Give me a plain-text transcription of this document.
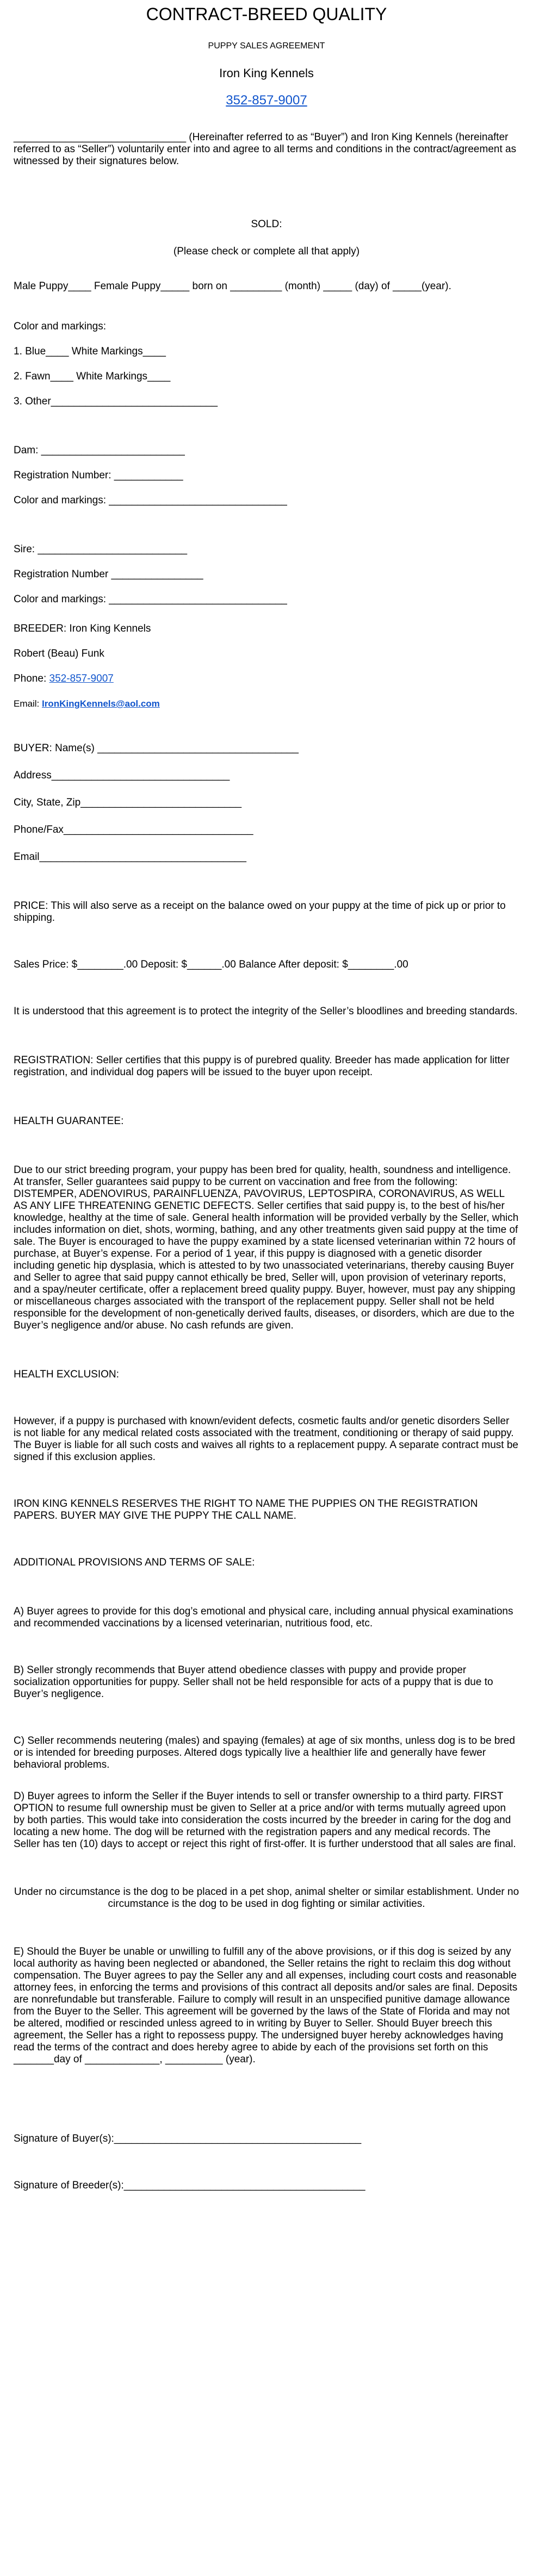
CONTRACT-BREED QUALITY

PUPPY SALES AGREEMENT

Iron King Kennels

352-857-9007

______________________________ (Hereinafter referred to as “Buyer”) and Iron King Kennels (hereinafter referred to as “Seller”) voluntarily enter into and agree to all terms and conditions in the contract/agreement as witnessed by their signatures below.

SOLD:

(Please check or complete all that apply)

Male Puppy____ Female Puppy_____ born on _________ (month) _____ (day) of _____(year).

Color and markings:

1. Blue____ White Markings____

2. Fawn____ White Markings____

3. Other_____________________________

Dam: _________________________

Registration Number: ____________

Color and markings: _______________________________

Sire: __________________________

Registration Number ________________

Color and markings: _______________________________

BREEDER: Iron King Kennels

Robert (Beau) Funk

Phone: 352-857-9007

Email: IronKingKennels@aol.com

BUYER: Name(s) ___________________________________

Address_______________________________

City, State, Zip____________________________

Phone/Fax_________________________________

Email____________________________________

PRICE: This will also serve as a receipt on the balance owed on your puppy at the time of pick up or prior to shipping.

Sales Price: $________.00 Deposit: $______.00 Balance After deposit: $________.00

It is understood that this agreement is to protect the integrity of the Seller’s bloodlines and breeding standards.

REGISTRATION: Seller certifies that this puppy is of purebred quality. Breeder has made application for litter registration, and individual dog papers will be issued to the buyer upon receipt.

HEALTH GUARANTEE:

Due to our strict breeding program, your puppy has been bred for quality, health, soundness and intelligence. At transfer, Seller guarantees said puppy to be current on vaccination and free from the following: DISTEMPER, ADENOVIRUS, PARAINFLUENZA, PAVOVIRUS, LEPTOSPIRA, CORONAVIRUS, AS WELL AS ANY LIFE THREATENING GENETIC DEFECTS. Seller certifies that said puppy is, to the best of his/her knowledge, healthy at the time of sale. General health information will be provided verbally by the Seller, which includes information on diet, shots, worming, bathing, and any other treatments given said puppy at the time of sale. The Buyer is encouraged to have the puppy examined by a state licensed veterinarian within 72 hours of purchase, at Buyer’s expense. For a period of 1 year, if this puppy is diagnosed with a genetic disorder including genetic hip dysplasia, which is attested to by two unassociated veterinarians, thereby causing Buyer and Seller to agree that said puppy cannot ethically be bred, Seller will, upon provision of veterinary reports, and a spay/neuter certificate, offer a replacement breed quality puppy. Buyer, however, must pay any shipping or miscellaneous charges associated with the transport of the replacement puppy. Seller shall not be held responsible for the development of non-genetically derived faults, diseases, or disorders, which are due to the Buyer’s negligence and/or abuse. No cash refunds are given.

HEALTH EXCLUSION:

However, if a puppy is purchased with known/evident defects, cosmetic faults and/or genetic disorders Seller is not liable for any medical related costs associated with the treatment, conditioning or therapy of said puppy. The Buyer is liable for all such costs and waives all rights to a replacement puppy. A separate contract must be signed if this exclusion applies.

IRON KING KENNELS RESERVES THE RIGHT TO NAME THE PUPPIES ON THE REGISTRATION PAPERS. BUYER MAY GIVE THE PUPPY THE CALL NAME.

ADDITIONAL PROVISIONS AND TERMS OF SALE:

A) Buyer agrees to provide for this dog’s emotional and physical care, including annual physical examinations and recommended vaccinations by a licensed veterinarian, nutritious food, etc.

B) Seller strongly recommends that Buyer attend obedience classes with puppy and provide proper socialization opportunities for puppy. Seller shall not be held responsible for acts of a puppy that is due to Buyer’s negligence.

C) Seller recommends neutering (males) and spaying (females) at age of six months, unless dog is to be bred or is intended for breeding purposes. Altered dogs typically live a healthier life and generally have fewer behavioral problems.

D) Buyer agrees to inform the Seller if the Buyer intends to sell or transfer ownership to a third party. FIRST OPTION to resume full ownership must be given to Seller at a price and/or with terms mutually agreed upon by both parties. This would take into consideration the costs incurred by the breeder in caring for the dog and locating a new home. The dog will be returned with the registration papers and any medical records. The Seller has ten (10) days to accept or reject this right of first-offer. It is further understood that all sales are final.

Under no circumstance is the dog to be placed in a pet shop, animal shelter or similar establishment. Under no circumstance is the dog to be used in dog fighting or similar activities.

E) Should the Buyer be unable or unwilling to fulfill any of the above provisions, or if this dog is seized by any local authority as having been neglected or abandoned, the Seller retains the right to reclaim this dog without compensation. The Buyer agrees to pay the Seller any and all expenses, including court costs and reasonable attorney fees, in enforcing the terms and provisions of this contract all deposits and/or sales are final. Deposits are nonrefundable but transferable. Failure to comply will result in an unspecified punitive damage allowance from the Buyer to the Seller. This agreement will be governed by the laws of the State of Florida and may not be altered, modified or rescinded unless agreed to in writing by Buyer to Seller. Should Buyer breech this agreement, the Seller has a right to repossess puppy. The undersigned buyer hereby acknowledges having read the terms of the contract and does hereby agree to abide by each of the provisions set forth on this _______day of _____________, __________ (year).

Signature of Buyer(s):___________________________________________

Signature of Breeder(s):__________________________________________
